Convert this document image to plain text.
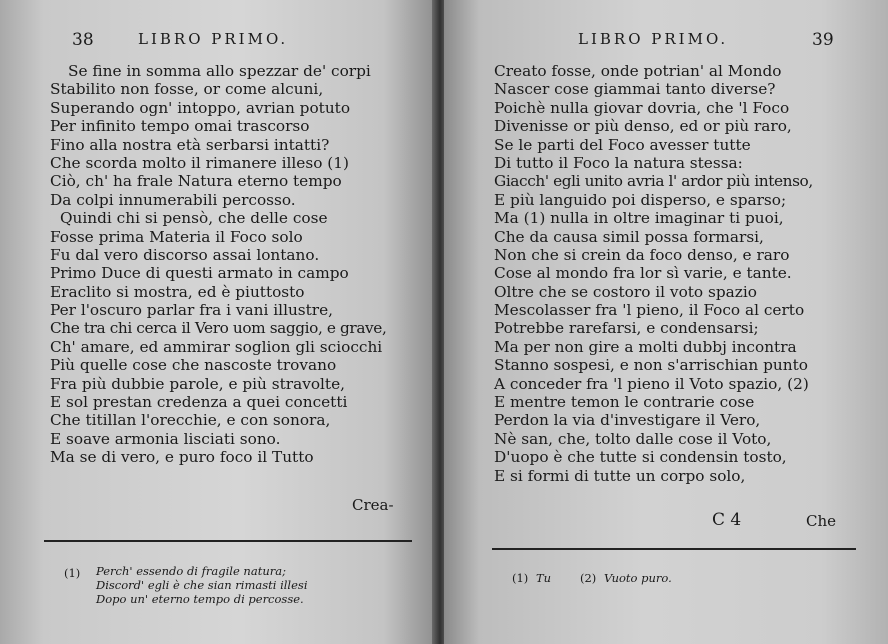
38	LIBRO PRIMO.
Se fine in somma allo spezzar de' corpi
Stabilito non fosse, or come alcuni,
Superando ogn' intoppo, avrian potuto
Per infinito tempo omai trascorso
Fino alla nostra età serbarsi intatti?
Che scorda molto il rimanere illeso (1)
Ciò, ch' ha frale Natura eterno tempo
Da colpi innumerabili percosso.
Quindi chi si pensò, che delle cose
Fosse prima Materia il Foco solo
Fu dal vero discorso assai lontano.
Primo Duce di questi armato in campo
Eraclito si mostra, ed è piuttosto
Per l'oscuro parlar fra i vani illustre,
Che tra chi cerca il Vero uom saggio, e grave,
Ch' amare, ed ammirar soglion gli sciocchi
Più quelle cose che nascoste trovano
Fra più dubbie parole, e più stravolte,
E sol prestan credenza a quei concetti
Che titillan l'orecchie, e con sonora,
E soave armonia lisciati sono.
Ma se di vero, e puro foco il Tutto
Crea-
(1) Perch' essendo di fragile natura;
Discord' egli è che sian rimasti illesi
Dopo un' eterno tempo di percosse.
LIBRO PRIMO.	39
Creato fosse, onde potrian' al Mondo
Nascer cose giammai tanto diverse?
Poichè nulla giovar dovria, che 'l Foco
Divenisse or più denso, ed or più raro,
Se le parti del Foco avesser tutte
Di tutto il Foco la natura stessa:
Giacch' egli unito avria l' ardor più intenso,
E più languido poi disperso, e sparso;
Ma (1) nulla in oltre imaginar ti puoi,
Che da causa simil possa formarsi,
Non che si crein da foco denso, e raro
Cose al mondo fra lor sì varie, e tante.
Oltre che se costoro il voto spazio
Mescolasser fra 'l pieno, il Foco al certo
Potrebbe rarefarsi, e condensarsi;
Ma per non gire a molti dubbj incontra
Stanno sospesi, e non s'arrischian punto
A conceder fra 'l pieno il Voto spazio, (2)
E mentre temon le contrarie cose
Perdon la via d'investigare il Vero,
Nè san, che, tolto dalle cose il Voto,
D'uopo è che tutte si condensin tosto,
E si formi di tutte un corpo solo,
C 4	Che
(1) Tu	(2) Vuoto puro.
